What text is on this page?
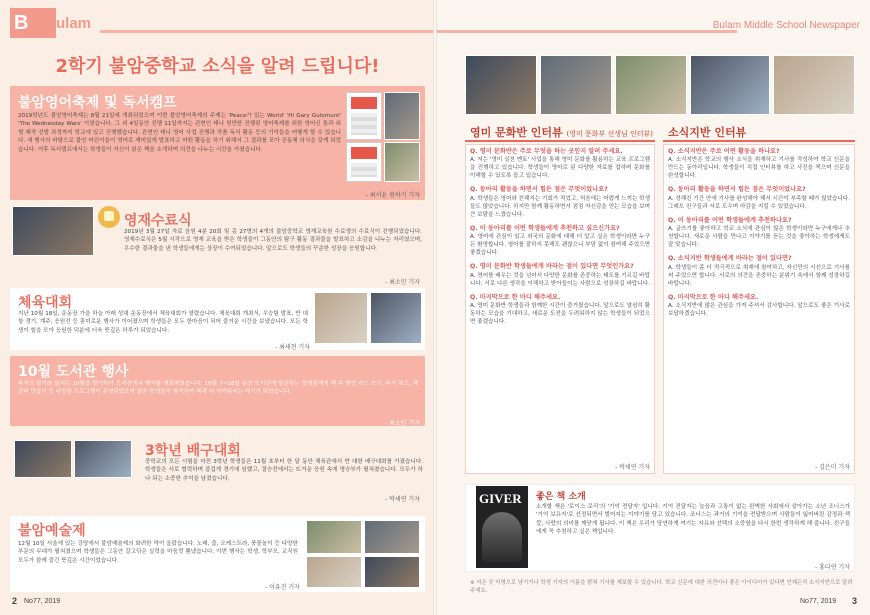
B	ulam
2학기 불암중학교 소식을 알려 드립니다!
불암영어축제 및 독서캠프
2019학년도 불암영어축제는 8월 21일에 개최되었으며 이번 불암영어축제의 주제는 'Peace가 있는 World' 'Hi Gary Gulomunt' 'The Wednesday Wars' 이였습니다. 그 외 4일동안 진행 11일까지는 관현인 테니 원만한 진행된 영어축제를 위한 영어신 통과 외형 제작 선발 과정까지 학교에 있고 진행했습니다. 관현인 테니 영어 사업 진행과 작품 독서 활동 등의 기억들을 어떻게 할 수 있습니다. 새 행사의 바탕으로 불암 어린이들이 영어로 재미있게 발표하고 어떤 활동을 하기 위해서 그 결과를 모아 공동체 의식을 갖게 되었습니다. 이후 독서캠프에서는 학생들이 자신이 읽은 책을 소개하며 의견을 나누는 시간을 가졌습니다.
- 최서윤 원하기 기자
영재수료식
2019년 3월 27일 자료 음원 4분 20회 및 총 27명의 4개의 불암중학교 영재교육원 수료생의 수료식이 진행되었습니다. 영재수료식은 5월 시작으로 영재 교육을 받은 학생들이 그동안의 탐구 활동 결과물을 발표하고 소감을 나누는 자리였으며, 우수한 결과물을 낸 학생들에게는 상장이 수여되었습니다. 앞으로도 학생들의 꾸준한 성장을 응원합니다.
- 최소민 기자
체육대회
지난 10월 18일, 운동장 가을 하늘 아래 성대 운동장에서 체육대회가 열렸습니다. 체육대회 개최식, 우승팀 발표, 반 대항 경기, 계주, 응원전 등 흥미로운 행사가 이어졌으며 학생들은 모두 한마음이 되어 즐거운 시간을 보냈습니다. 모든 학생이 힘을 모아 응원한 덕분에 더욱 뜻깊은 하루가 되었습니다.
- 최세현 기자
10월 도서관 행사
독서의 달이라 불리는 10월을 맞이하여 도서관에서 행사를 개최하였습니다. 10월 7~18일 동안 도서관에 방문하는 학생들에게 책 속 명언 카드 쓰기, 독서 퀴즈, 책갈피 만들기 등 다양한 프로그램이 운영되었으며 많은 학생들이 참여하여 책과 더 가까워지는 계기가 되었습니다.
- 최소민 기자
3학년 배구대회
중학교의 모든 시험을 마친 3학년 학생들은 11월 초부터 한 달 동안 체육관에서 반 대항 배구대회를 가졌습니다. 학생들은 서로 협력하며 즐겁게 경기에 임했고, 결승전에서는 뜨거운 응원 속에 명승부가 펼쳐졌습니다. 모두가 하나 되는 소중한 추억을 남겼습니다.
- 박세연 기자
불암예술제
12월 10일 서울에 있는 강당에서 불암예술제의 화려한 막이 올랐습니다. 노래, 춤, 오케스트라, 풍물놀이 등 다양한 부문의 무대가 펼쳐졌으며 학생들은 그동안 갈고닦은 실력을 마음껏 뽐냈습니다. 이번 행사는 학생, 학부모, 교직원 모두가 함께 즐긴 뜻깊은 시간이었습니다.
- 이유진 기자
2 No77, 2019
Bulam Middle School Newspaper
영미 문화반 인터뷰 (영미 문화부 선생님 인터뷰)
Q. 영미 문화반은 주로 무엇을 하는 곳인지 알려 주세요.
A. 저는 '영미 실천 멘토' 사업을 통해 영미 문화를 활용하는 교육 프로그램을 진행하고 있습니다. 학생들이 영어로 된 다양한 자료를 접하며 문화를 이해할 수 있도록 돕고 있습니다.
Q. 동아리 활동을 하면서 힘든 점은 무엇이었나요?
A. 학생들은 영어와 친해지는 기회가 적었고, 처음에는 어렵게 느끼는 학생들도 많았습니다. 하지만 함께 활동하면서 점점 자신감을 얻는 모습을 보며 큰 보람을 느꼈습니다.
Q. 이 동아리를 어떤 학생들에게 추천하고 싶으신가요?
A. 영어에 관심이 있고 외국의 문화에 대해 더 알고 싶은 학생이라면 누구든 환영합니다. 영어를 잘하지 못해도 괜찮으니 부담 없이 참여해 주었으면 좋겠습니다.
Q. 영미 문화반 학생들에게 바라는 점이 있다면 무엇인가요?
A. 영어를 배우는 것을 넘어서 다양한 문화를 존중하는 태도를 기르길 바랍니다. 서로 다른 생각을 이해하고 받아들이는 사람으로 성장하길 바랍니다.
Q. 마지막으로 한 마디 해주세요.
A. 영미 문화반 학생들과 함께한 시간이 즐거웠습니다. 앞으로도 열심히 활동하는 모습을 기대하고, 새로운 도전을 두려워하지 않는 학생들이 되었으면 좋겠습니다.
- 박세연 기자
소식지반 인터뷰
Q. 소식지반은 주로 어떤 활동을 하나요?
A. 소식지반은 학교의 행사 소식을 취재하고 기사를 작성하여 학교 신문을 만드는 동아리입니다. 학생들이 직접 인터뷰를 하고 사진을 찍으며 신문을 완성합니다.
Q. 동아리 활동을 하면서 힘든 점은 무엇이었나요?
A. 정해진 기간 안에 기사를 완성해야 해서 시간이 부족할 때가 많았습니다. 그래도 친구들과 서로 도우며 마감을 지킬 수 있었습니다.
Q. 이 동아리를 어떤 학생들에게 추천하나요?
A. 글쓰기를 좋아하고 학교 소식에 관심이 많은 학생이라면 누구에게나 추천합니다. 새로운 사람을 만나고 이야기를 듣는 것을 좋아하는 학생에게도 잘 맞습니다.
Q. 소식지반 학생들에게 바라는 점이 있다면?
A. 학생들이 좀 더 적극적으로 취재에 참여하고, 자신만의 시선으로 기사를 써 주었으면 합니다. 서로의 의견을 존중하는 분위기 속에서 함께 성장하길 바랍니다.
Q. 마지막으로 한 마디 해주세요.
A. 소식지반에 많은 관심을 가져 주셔서 감사합니다. 앞으로도 좋은 기사로 보답하겠습니다.
- 김은미 기자
GIVER 좋은 책 소개
소개할 책은 '로이스 로리'의 '기억 전달자' 입니다. 기억 전달자는 늘음과 고통이 없는 완벽한 사회에서 살아가는 소년 조너스가 '기억 보유자'로 선정되면서 벌어지는 이야기를 담고 있습니다. 조너스는 과거의 기억을 전달받으며 사람들이 잃어버린 감정과 색깔, 사랑의 의미를 깨닫게 됩니다. 이 책은 우리가 당연하게 여기는 자유와 선택의 소중함을 다시 한번 생각하게 해 줍니다. 친구들에게 꼭 추천하고 싶은 책입니다.
- 홍다연 기자
※ 지은 곳 익명으로 남기거나 학생 기자의 이름을 밝혀 기사를 제보할 수 있습니다. 학교 신문에 대한 의견이나 좋은 아이디어가 있다면 언제든지 소식지반으로 알려 주세요.
No77, 2019 3
